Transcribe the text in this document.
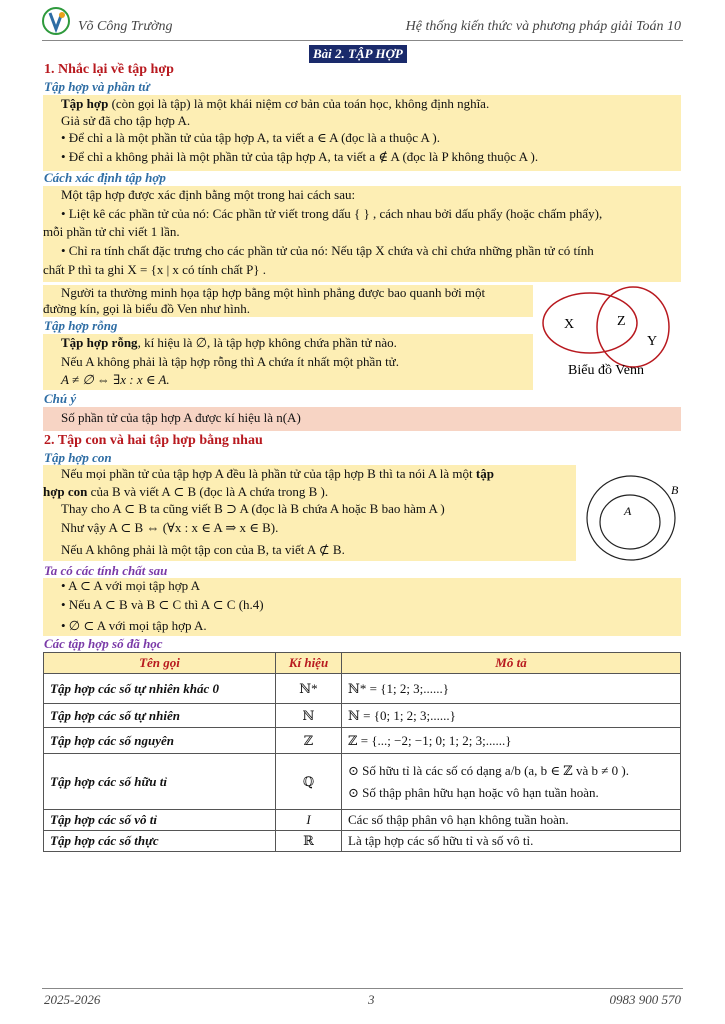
Võ Công Trường	Hệ thống kiến thức và phương pháp giải Toán 10
Bài 2. TẬP HỢP
1. Nhắc lại về tập hợp
Tập hợp và phần tử
Tập hợp (còn gọi là tập) là một khái niệm cơ bản của toán học, không định nghĩa.
Giả sử đã cho tập hợp A.
• Để chỉ a là một phần tử của tập hợp A, ta viết a ∈ A (đọc là a thuộc A ).
• Để chỉ a không phải là một phần tử của tập hợp A, ta viết a ∉ A (đọc là P không thuộc A ).
Cách xác định tập hợp
Một tập hợp được xác định bằng một trong hai cách sau:
• Liệt kê các phần tử của nó: Các phần tử viết trong dấu { } , cách nhau bởi dấu phẩy (hoặc chấm phẩy),
mỗi phần tử chỉ viết 1 lần.
• Chỉ ra tính chất đặc trưng cho các phần tử của nó: Nếu tập X chứa và chỉ chứa những phần tử có tính
chất P thì ta ghi X = {x | x có tính chất P} .
Người ta thường minh họa tập hợp bằng một hình phẳng được bao quanh bởi một
đường kín, gọi là biểu đồ Ven như hình.
X	Z
Y
Biểu đồ Venn
Tập hợp rỗng
Tập hợp rỗng, kí hiệu là ∅, là tập hợp không chứa phần tử nào.
Nếu A không phải là tập hợp rỗng thì A chứa ít nhất một phần tử.
A ≠ ∅ ⇔ ∃x : x ∈ A.
Chú ý
Số phần tử của tập hợp A được kí hiệu là n(A)
2. Tập con và hai tập hợp bằng nhau
Tập hợp con
Nếu mọi phần tử của tập hợp A đều là phần tử của tập hợp B thì ta nói A là một tập
hợp con của B và viết A ⊂ B (đọc là A chứa trong B ).
Thay cho A ⊂ B ta cũng viết B ⊃ A (đọc là B chứa A hoặc B bao hàm A )
Như vậy A ⊂ B ⇔ (∀x : x ∈ A ⇒ x ∈ B).
Nếu A không phải là một tập con của B, ta viết A ⊄ B.
A
B
Ta có các tính chất sau
• A ⊂ A với mọi tập hợp A
• Nếu A ⊂ B và B ⊂ C thì A ⊂ C (h.4)
• ∅ ⊂ A với mọi tập hợp A.
Các tập hợp số đã học
Tên gọi	Kí hiệu	Mô tả
Tập hợp các số tự nhiên khác 0	ℕ*	ℕ* = {1; 2; 3;......}
Tập hợp các số tự nhiên	ℕ	ℕ = {0; 1; 2; 3;......}
Tập hợp các số nguyên	ℤ	ℤ = {...; −2; −1; 0; 1; 2; 3;......}
Tập hợp các số hữu tỉ	ℚ	⊙ Số hữu tỉ là các số có dạng a/b (a, b ∈ ℤ và b ≠ 0 ).
⊙ Số thập phân hữu hạn hoặc vô hạn tuần hoàn.

Tập hợp các số vô tỉ	I	Các số thập phân vô hạn không tuần hoàn.
Tập hợp các số thực	ℝ	Là tập hợp các số hữu tỉ và số vô tỉ.
2025-2026	3	0983 900 570
